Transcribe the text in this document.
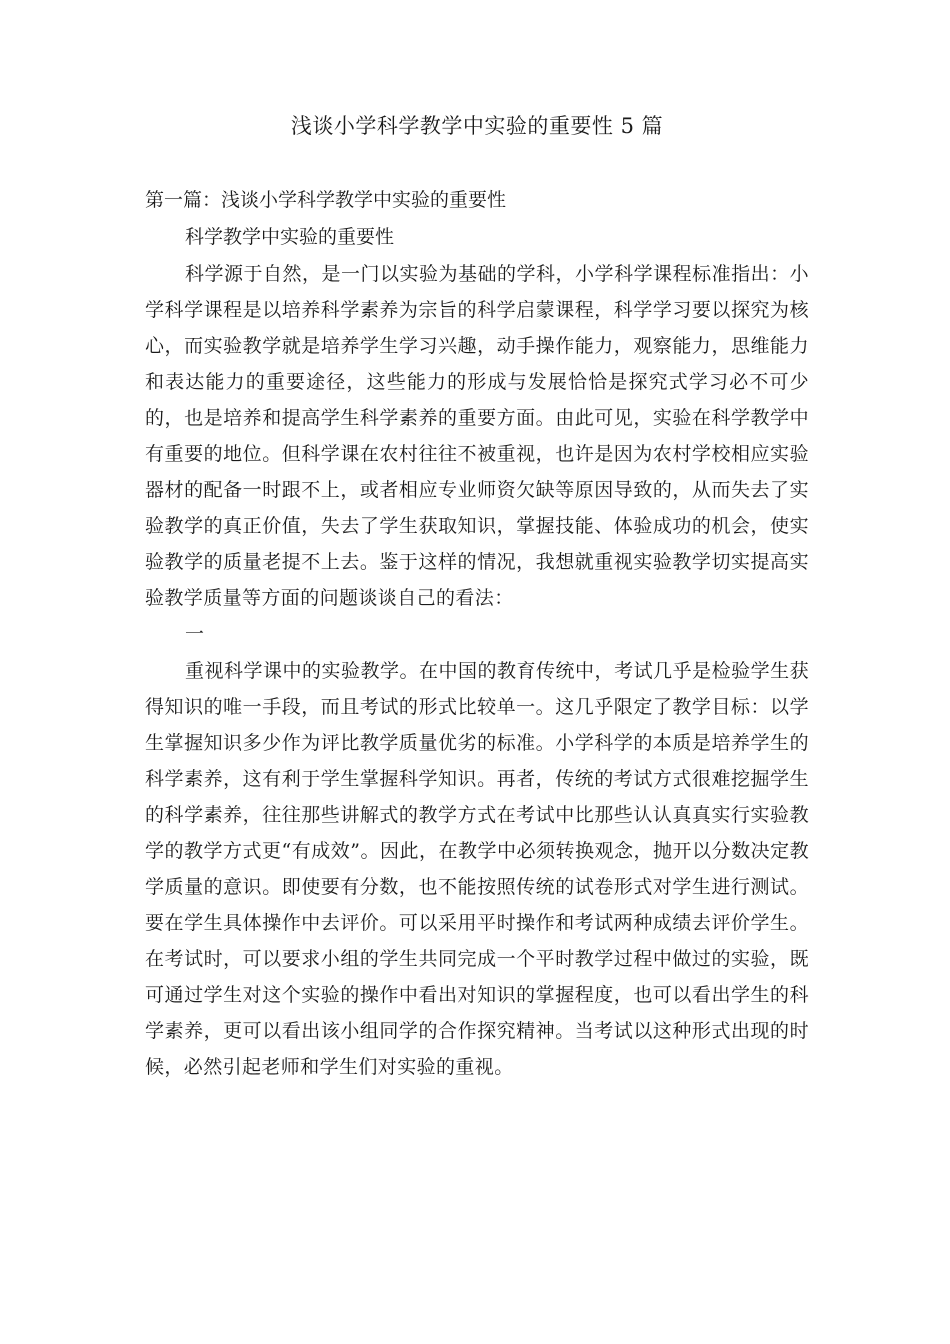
浅谈小学科学教学中实验的重要性 5 篇

第一篇：浅谈小学科学教学中实验的重要性

科学教学中实验的重要性

科学源于自然，是一门以实验为基础的学科，小学科学课程标准指出：小学科学课程是以培养科学素养为宗旨的科学启蒙课程，科学学习要以探究为核心，而实验教学就是培养学生学习兴趣，动手操作能力，观察能力，思维能力和表达能力的重要途径，这些能力的形成与发展恰恰是探究式学习必不可少的，也是培养和提高学生科学素养的重要方面。由此可见，实验在科学教学中有重要的地位。但科学课在农村往往不被重视，也许是因为农村学校相应实验器材的配备一时跟不上，或者相应专业师资欠缺等原因导致的，从而失去了实验教学的真正价值，失去了学生获取知识，掌握技能、体验成功的机会，使实验教学的质量老提不上去。鉴于这样的情况，我想就重视实验教学切实提高实验教学质量等方面的问题谈谈自己的看法：

一

重视科学课中的实验教学。在中国的教育传统中，考试几乎是检验学生获得知识的唯一手段，而且考试的形式比较单一。这几乎限定了教学目标：以学生掌握知识多少作为评比教学质量优劣的标准。小学科学的本质是培养学生的科学素养，这有利于学生掌握科学知识。再者，传统的考试方式很难挖掘学生的科学素养，往往那些讲解式的教学方式在考试中比那些认认真真实行实验教学的教学方式更“有成效”。因此，在教学中必须转换观念，抛开以分数决定教学质量的意识。即使要有分数，也不能按照传统的试卷形式对学生进行测试。要在学生具体操作中去评价。可以采用平时操作和考试两种成绩去评价学生。在考试时，可以要求小组的学生共同完成一个平时教学过程中做过的实验，既可通过学生对这个实验的操作中看出对知识的掌握程度，也可以看出学生的科学素养，更可以看出该小组同学的合作探究精神。当考试以这种形式出现的时候，必然引起老师和学生们对实验的重视。
